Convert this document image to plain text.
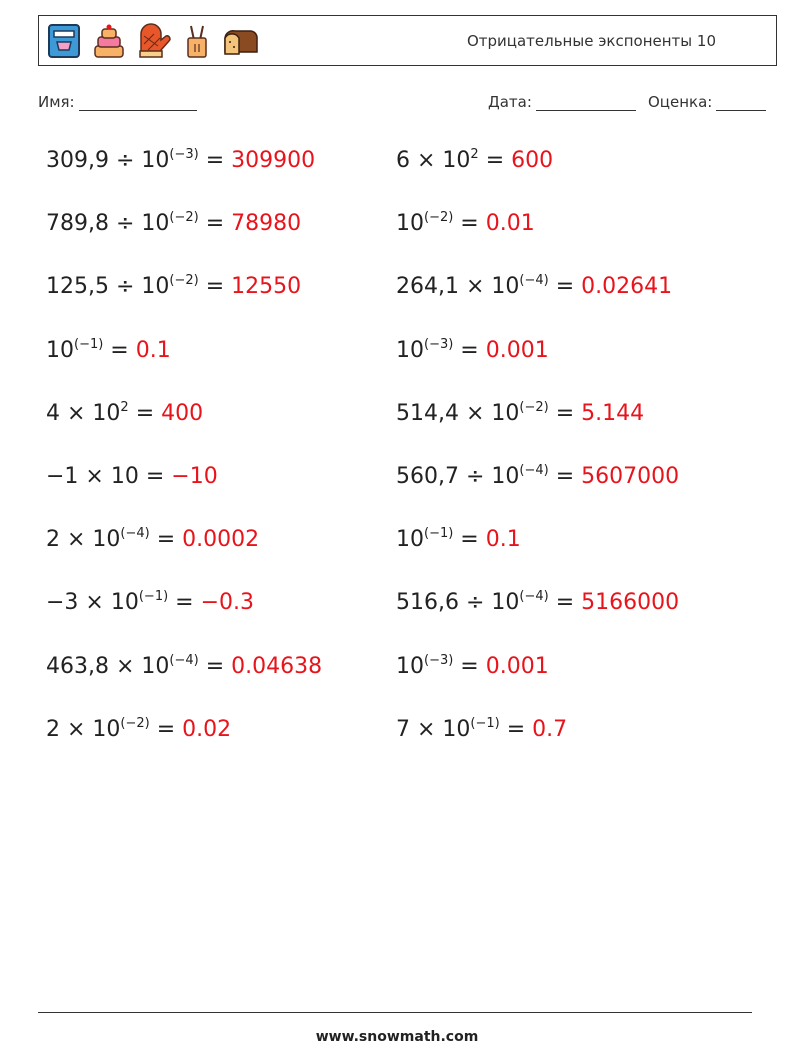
Отрицательные экспоненты 10
Имя:	Дата:	Оценка:
$309,9 \div 10^{(-3)} = 309900$
$789,8 \div 10^{(-2)} = 78980$
$125,5 \div 10^{(-2)} = 12550$
$10^{(-1)} = 0.1$
$4 \times 10^2 = 400$
−1 × 10 = −10
$2 \times 10^{(-4)} = 0.0002$
$-3 \times 10^{(-1)} = -0.3$
$463,8 \times 10^{(-4)} = 0.04638$
$2 \times 10^{(-2)} = 0.02$
$6 \times 10^2 = 600$
$10^{(-2)} = 0.01$
$264,1 \times 10^{(-4)} = 0.02641$
$10^{(-3)} = 0.001$
$514,4 \times 10^{(-2)} = 5.144$
$560,7 \div 10^{(-4)} = 5607000$
$10^{(-1)} = 0.1$
$516,6 \div 10^{(-4)} = 5166000$
$10^{(-3)} = 0.001$
$7 \times 10^{(-1)} = 0.7$
www.snowmath.com
